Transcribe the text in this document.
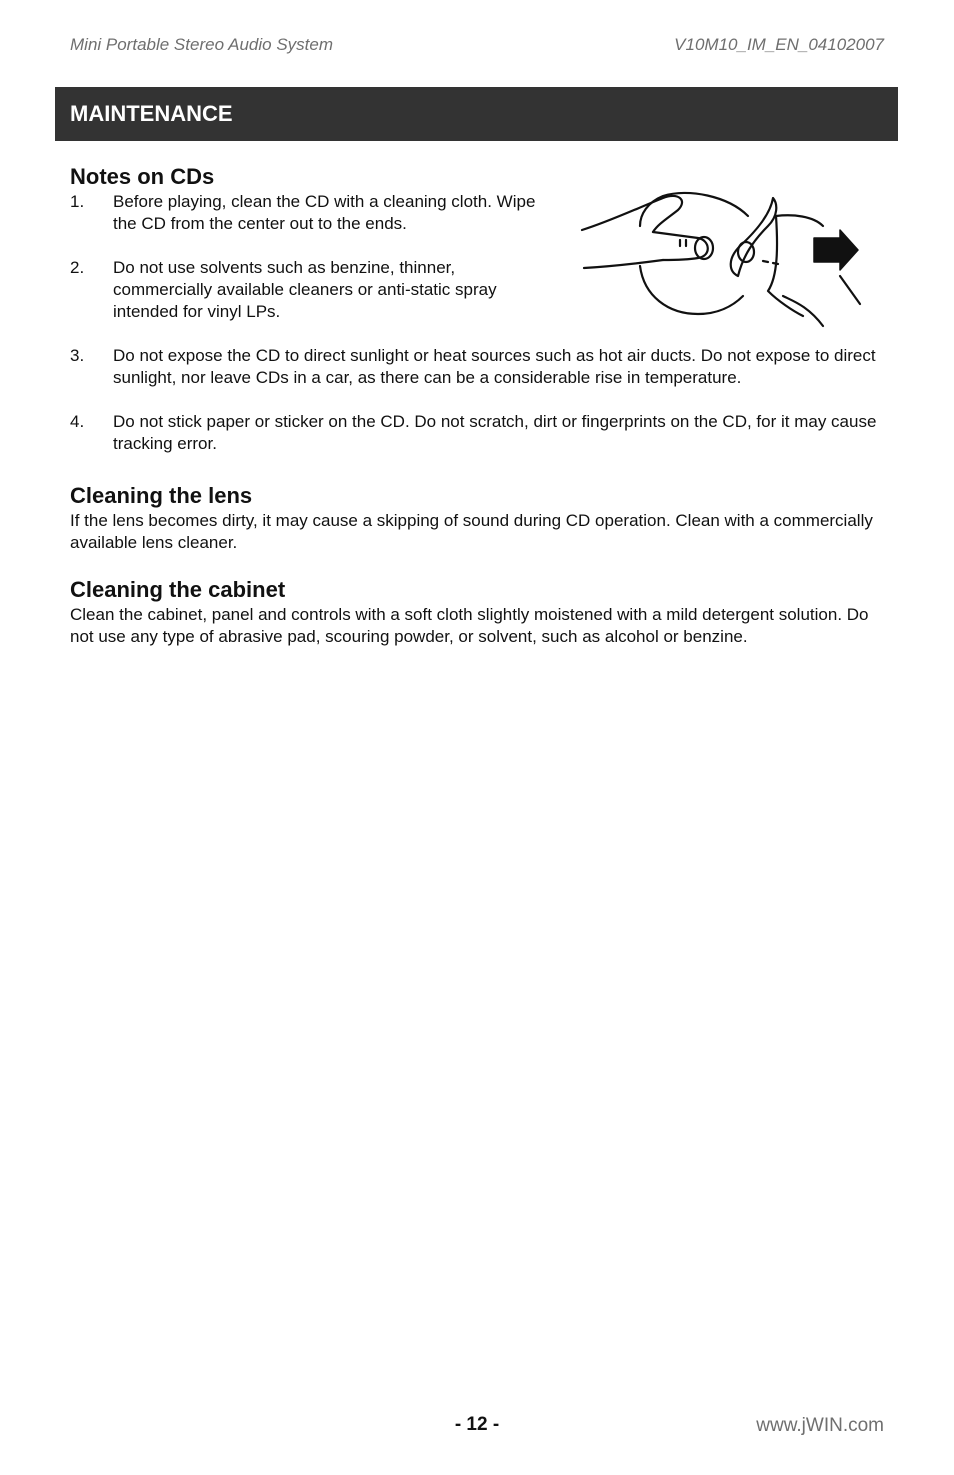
Mini Portable Stereo Audio System	V10M10_IM_EN_04102007
MAINTENANCE
Notes on CDs
1. Before playing, clean the CD with a cleaning cloth. Wipe the CD from the center out to the ends.
2. Do not use solvents such as benzine, thinner, commercially available cleaners or anti-static spray intended for vinyl LPs.
3. Do not expose the CD to direct sunlight or heat sources such as hot air ducts. Do not expose to direct sunlight, nor leave CDs in a car, as there can be a considerable rise in temperature.
4. Do not stick paper or sticker on the CD. Do not scratch, dirt or fingerprints on the CD, for it may cause tracking error.
Cleaning the lens
If the lens becomes dirty, it may cause a skipping of sound during CD operation. Clean with a commercially available lens cleaner.
Cleaning the cabinet
Clean the cabinet, panel and controls with a soft cloth slightly moistened with a mild detergent solution. Do not use any type of abrasive pad, scouring powder, or solvent, such as alcohol or benzine.
- 12 -	www.jWIN.com
